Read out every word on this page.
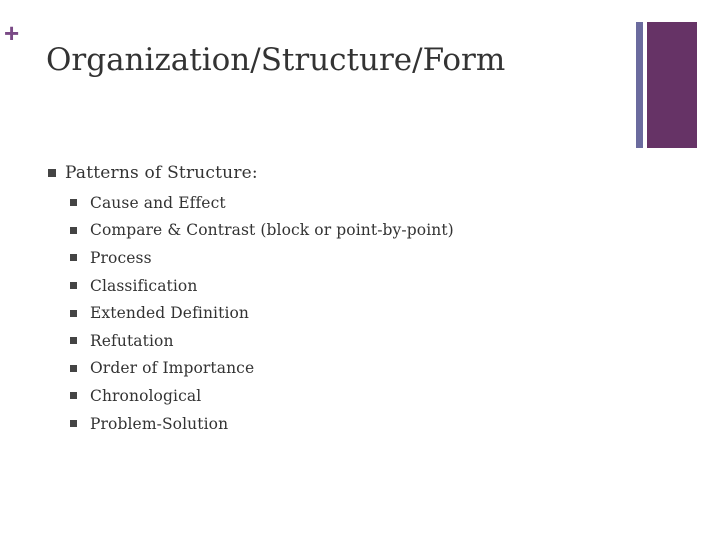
+
Organization/Structure/Form
Patterns of Structure:
Cause and Effect
Compare & Contrast (block or point-by-point)
Process
Classification
Extended Definition
Refutation
Order of Importance
Chronological
Problem-Solution
